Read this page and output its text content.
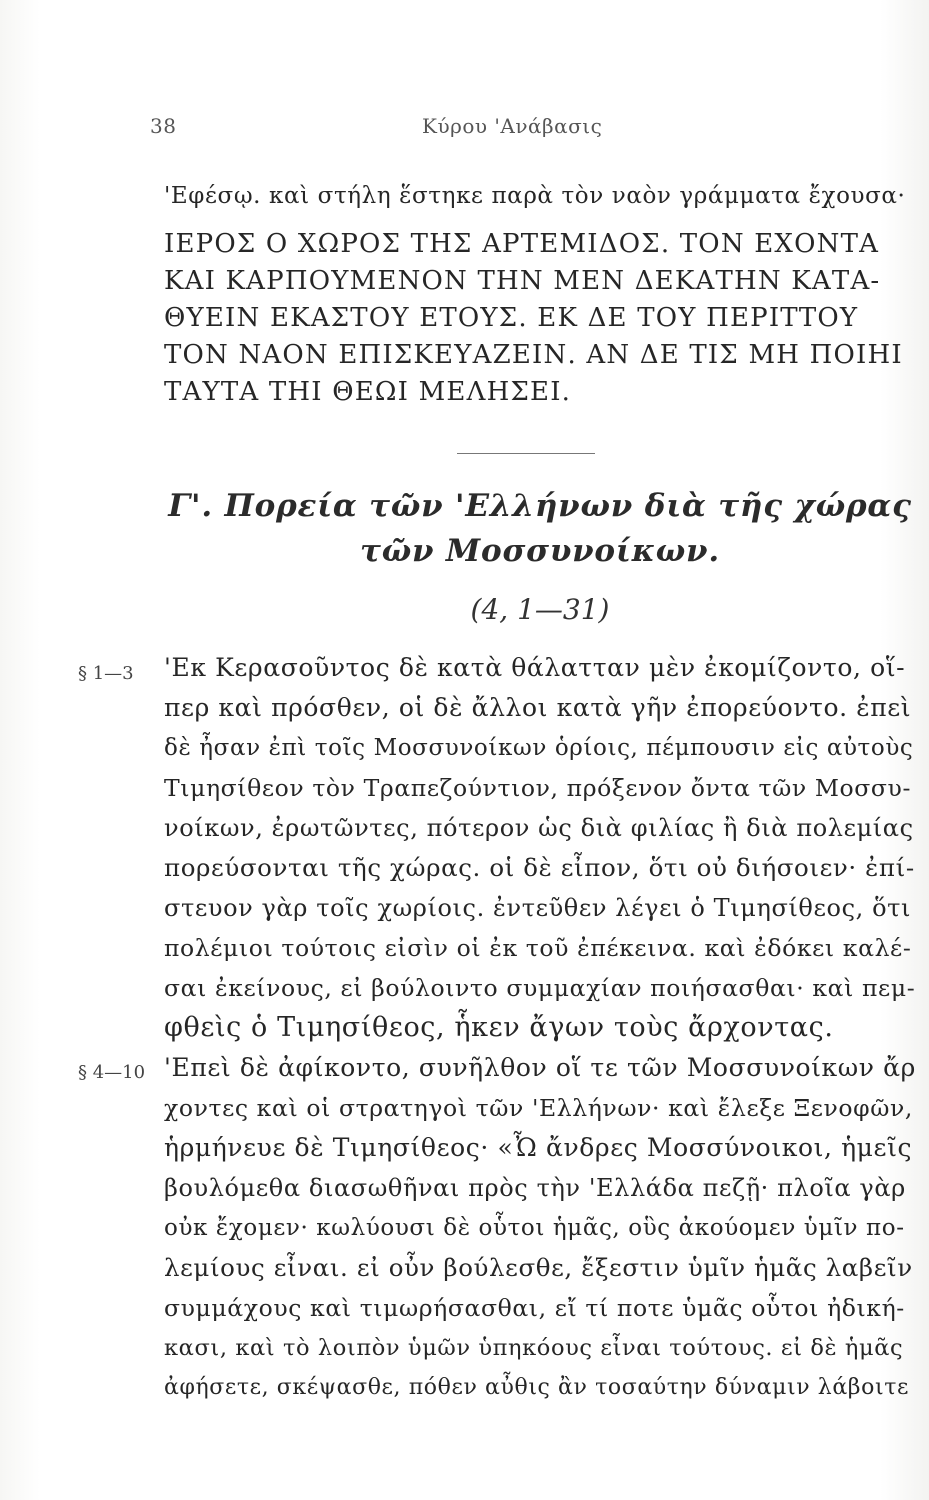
38	Κύρου 'Ανάβασις
'Εφέσῳ. καὶ στήλη ἕστηκε παρὰ τὸν ναὸν γράμματα ἔχουσα·
ΙΕΡΟΣ Ο ΧΩΡΟΣ ΤΗΣ ΑΡΤΕΜΙΔΟΣ. ΤΟΝ ΕΧΟΝΤΑ
ΚΑΙ ΚΑΡΠΟΥΜΕΝΟΝ ΤΗΝ ΜΕΝ ΔΕΚΑΤΗΝ ΚΑΤΑ-
ΘΥΕΙΝ ΕΚΑΣΤΟΥ ΕΤΟΥΣ. ΕΚ ΔΕ ΤΟΥ ΠΕΡΙΤΤΟΥ
ΤΟΝ ΝΑΟΝ ΕΠΙΣΚΕΥΑΖΕΙΝ. ΑΝ ΔΕ ΤΙΣ ΜΗ ΠΟΙΗΙ
ΤΑΥΤΑ ΤΗΙ ΘΕΩΙ ΜΕΛΗΣΕΙ.
Γ'. Πορεία τῶν 'Ελλήνων διὰ τῆς χώρας
τῶν Μοσσυνοίκων.
(4, 1—31)
§ 1—3 'Εκ Κερασοῦντος δὲ κατὰ θάλατταν μὲν ἐκομίζοντο, οἵ-
περ καὶ πρόσθεν, οἱ δὲ ἄλλοι κατὰ γῆν ἐπορεύοντο. ἐπεὶ
δὲ ἦσαν ἐπὶ τοῖς Μοσσυνοίκων ὁρίοις, πέμπουσιν εἰς αὐτοὺς
Τιμησίθεον τὸν Τραπεζούντιον, πρόξενον ὄντα τῶν Μοσσυ-
νοίκων, ἐρωτῶντες, πότερον ὡς διὰ φιλίας ἢ διὰ πολεμίας
πορεύσονται τῆς χώρας. οἱ δὲ εἶπον, ὅτι οὐ διήσοιεν· ἐπί-
στευον γὰρ τοῖς χωρίοις. ἐντεῦθεν λέγει ὁ Τιμησίθεος, ὅτι
πολέμιοι τούτοις εἰσὶν οἱ ἐκ τοῦ ἐπέκεινα. καὶ ἐδόκει καλέ-
σαι ἐκείνους, εἰ βούλοιντο συμμαχίαν ποιήσασθαι· καὶ πεμ-
φθεὶς ὁ Τιμησίθεος, ἧκεν ἄγων τοὺς ἄρχοντας.
§ 4—10 'Επεὶ δὲ ἀφίκοντο, συνῆλθον οἵ τε τῶν Μοσσυνοίκων ἄρ
χοντες καὶ οἱ στρατηγοὶ τῶν 'Ελλήνων· καὶ ἔλεξε Ξενοφῶν,
ἡρμήνευε δὲ Τιμησίθεος· «Ὦ ἄνδρες Μοσσύνοικοι, ἡμεῖς
βουλόμεθα διασωθῆναι πρὸς τὴν 'Ελλάδα πεζῇ· πλοῖα γὰρ
οὐκ ἔχομεν· κωλύουσι δὲ οὗτοι ἡμᾶς, οὓς ἀκούομεν ὑμῖν πο-
λεμίους εἶναι. εἰ οὖν βούλεσθε, ἔξεστιν ὑμῖν ἡμᾶς λαβεῖν
συμμάχους καὶ τιμωρήσασθαι, εἴ τί ποτε ὑμᾶς οὗτοι ἠδική-
κασι, καὶ τὸ λοιπὸν ὑμῶν ὑπηκόους εἶναι τούτους. εἰ δὲ ἡμᾶς
ἀφήσετε, σκέψασθε, πόθεν αὖθις ἂν τοσαύτην δύναμιν λάβοιτε
